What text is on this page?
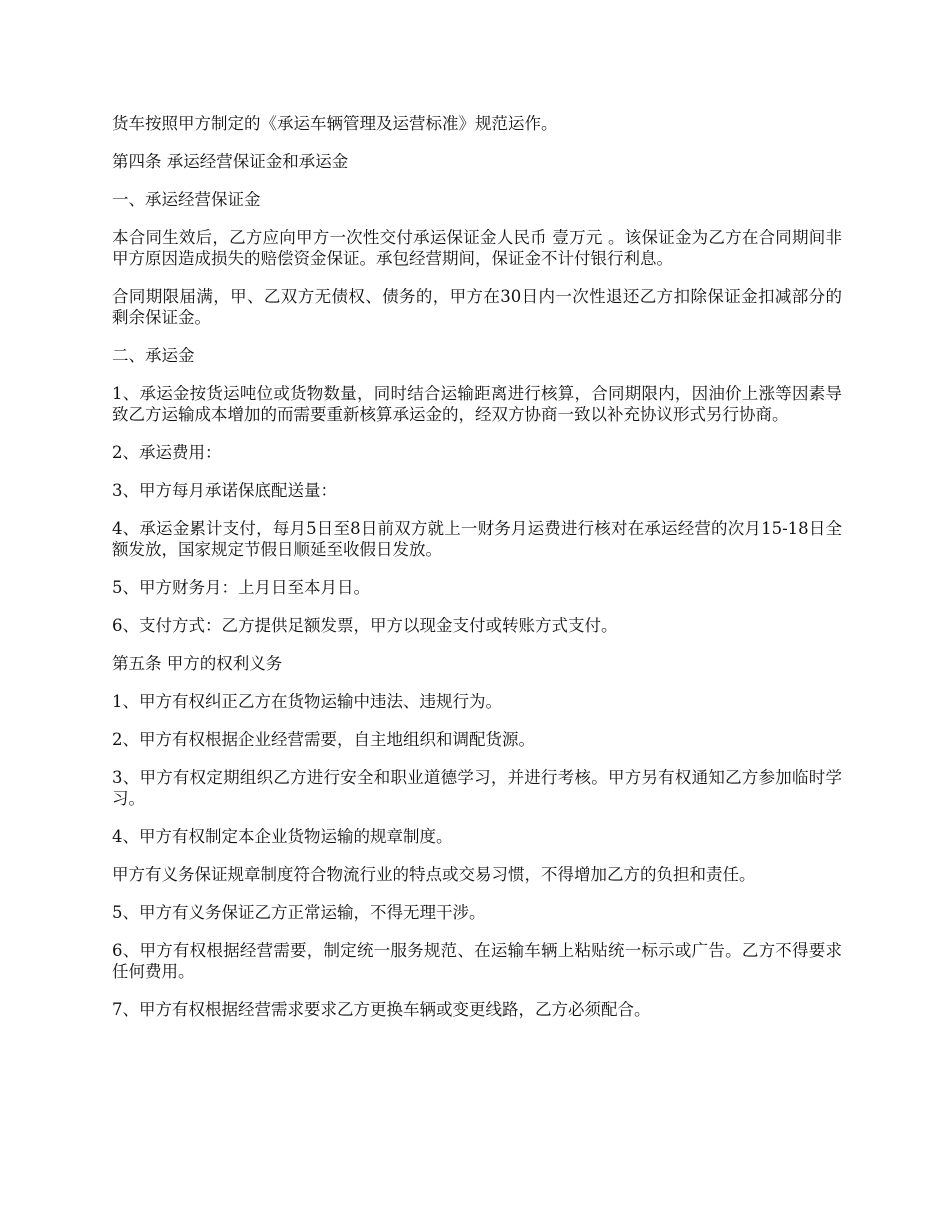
货车按照甲方制定的《承运车辆管理及运营标准》规范运作。

第四条 承运经营保证金和承运金

一、承运经营保证金

本合同生效后，乙方应向甲方一次性交付承运保证金人民币 壹万元 。该保证金为乙方在合同期间非甲方原因造成损失的赔偿资金保证。承包经营期间，保证金不计付银行利息。

合同期限届满，甲、乙双方无债权、债务的，甲方在30日内一次性退还乙方扣除保证金扣减部分的剩余保证金。

二、承运金

1、承运金按货运吨位或货物数量，同时结合运输距离进行核算，合同期限内，因油价上涨等因素导致乙方运输成本增加的而需要重新核算承运金的，经双方协商一致以补充协议形式另行协商。

2、承运费用：

3、甲方每月承诺保底配送量：

4、承运金累计支付，每月5日至8日前双方就上一财务月运费进行核对在承运经营的次月15-18日全额发放，国家规定节假日顺延至收假日发放。

5、甲方财务月：上月日至本月日。

6、支付方式：乙方提供足额发票，甲方以现金支付或转账方式支付。

第五条 甲方的权利义务

1、甲方有权纠正乙方在货物运输中违法、违规行为。

2、甲方有权根据企业经营需要，自主地组织和调配货源。

3、甲方有权定期组织乙方进行安全和职业道德学习，并进行考核。甲方另有权通知乙方参加临时学习。

4、甲方有权制定本企业货物运输的规章制度。

甲方有义务保证规章制度符合物流行业的特点或交易习惯，不得增加乙方的负担和责任。

5、甲方有义务保证乙方正常运输，不得无理干涉。

6、甲方有权根据经营需要，制定统一服务规范、在运输车辆上粘贴统一标示或广告。乙方不得要求任何费用。

7、甲方有权根据经营需求要求乙方更换车辆或变更线路，乙方必须配合。
